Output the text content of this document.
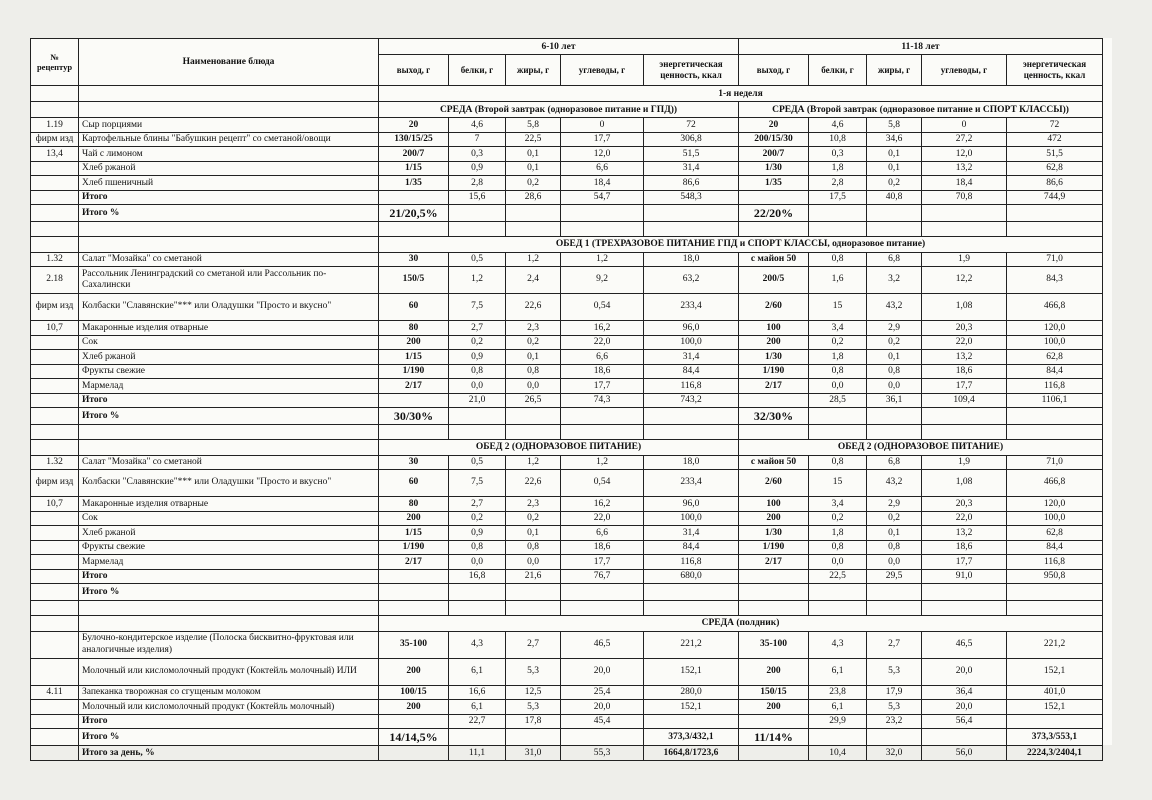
№ рецептур	Наименование блюда	6-10 лет					11-18 лет				
		выход, г	белки, г	жиры, г	углеводы, г	энергетическая ценность, ккал	выход, г	белки, г	жиры, г	углеводы, г	энергетическая ценность, ккал
		1-я неделя									
		СРЕДА (Второй завтрак (одноразовое питание и ГПД))					СРЕДА (Второй завтрак (одноразовое питание и СПОРТ КЛАССЫ))				
1.19	Сыр порциями	20	4,6	5,8	0	72	20	4,6	5,8	0	72
фирм изд	Картофельные блины "Бабушкин рецепт" со сметаной/овощи	130/15/25	7	22,5	17,7	306,8	200/15/30	10,8	34,6	27,2	472
13,4	Чай с лимоном	200/7	0,3	0,1	12,0	51,5	200/7	0,3	0,1	12,0	51,5
	Хлеб ржаной	1/15	0,9	0,1	6,6	31,4	1/30	1,8	0,1	13,2	62,8
	Хлеб пшеничный	1/35	2,8	0,2	18,4	86,6	1/35	2,8	0,2	18,4	86,6
	Итого		15,6	28,6	54,7	548,3		17,5	40,8	70,8	744,9
	Итого %	21/20,5%					22/20%				

		ОБЕД 1 (ТРЕХРАЗОВОЕ ПИТАНИЕ ГПД и СПОРТ КЛАССЫ, одноразовое питание)									
1.32	Салат "Мозайка" со сметаной	30	0,5	1,2	1,2	18,0	с майон 50	0,8	6,8	1,9	71,0
2.18	Рассольник Ленинградский со сметаной или Рассольник по- Сахалински	150/5	1,2	2,4	9,2	63,2	200/5	1,6	3,2	12,2	84,3
фирм изд	Колбаски "Славянские"*** или Оладушки "Просто и вкусно"	60	7,5	22,6	0,54	233,4	2/60	15	43,2	1,08	466,8
10,7	Макаронные изделия отварные	80	2,7	2,3	16,2	96,0	100	3,4	2,9	20,3	120,0
	Сок	200	0,2	0,2	22,0	100,0	200	0,2	0,2	22,0	100,0
	Хлеб ржаной	1/15	0,9	0,1	6,6	31,4	1/30	1,8	0,1	13,2	62,8
	Фрукты свежие	1/190	0,8	0,8	18,6	84,4	1/190	0,8	0,8	18,6	84,4
	Мармелад	2/17	0,0	0,0	17,7	116,8	2/17	0,0	0,0	17,7	116,8
	Итого		21,0	26,5	74,3	743,2		28,5	36,1	109,4	1106,1
	Итого %	30/30%					32/30%				

		ОБЕД 2 (ОДНОРАЗОВОЕ ПИТАНИЕ)					ОБЕД 2 (ОДНОРАЗОВОЕ ПИТАНИЕ)				
1.32	Салат "Мозайка" со сметаной	30	0,5	1,2	1,2	18,0	с майон 50	0,8	6,8	1,9	71,0
фирм изд	Колбаски "Славянские"*** или Оладушки "Просто и вкусно"	60	7,5	22,6	0,54	233,4	2/60	15	43,2	1,08	466,8
10,7	Макаронные изделия отварные	80	2,7	2,3	16,2	96,0	100	3,4	2,9	20,3	120,0
	Сок	200	0,2	0,2	22,0	100,0	200	0,2	0,2	22,0	100,0
	Хлеб ржаной	1/15	0,9	0,1	6,6	31,4	1/30	1,8	0,1	13,2	62,8
	Фрукты свежие	1/190	0,8	0,8	18,6	84,4	1/190	0,8	0,8	18,6	84,4
	Мармелад	2/17	0,0	0,0	17,7	116,8	2/17	0,0	0,0	17,7	116,8
	Итого		16,8	21,6	76,7	680,0		22,5	29,5	91,0	950,8
	Итого %										

		СРЕДА (полдник)									
	Булочно-кондитерское изделие (Полоска бисквитно-фруктовая или аналогичные изделия)	35-100	4,3	2,7	46,5	221,2	35-100	4,3	2,7	46,5	221,2
	Молочный или кисломолочный продукт (Коктейль молочный) ИЛИ	200	6,1	5,3	20,0	152,1	200	6,1	5,3	20,0	152,1
4.11	Запеканка творожная со сгущеным молоком	100/15	16,6	12,5	25,4	280,0	150/15	23,8	17,9	36,4	401,0
	Молочный или кисломолочный продукт (Коктейль молочный)	200	6,1	5,3	20,0	152,1	200	6,1	5,3	20,0	152,1
	Итого		22,7	17,8	45,4			29,9	23,2	56,4	
	Итого %	14/14,5%				373,3/432,1	11/14%				373,3/553,1
	Итого за день, %		11,1	31,0	55,3	1664,8/1723,6		10,4	32,0	56,0	2224,3/2404,1
